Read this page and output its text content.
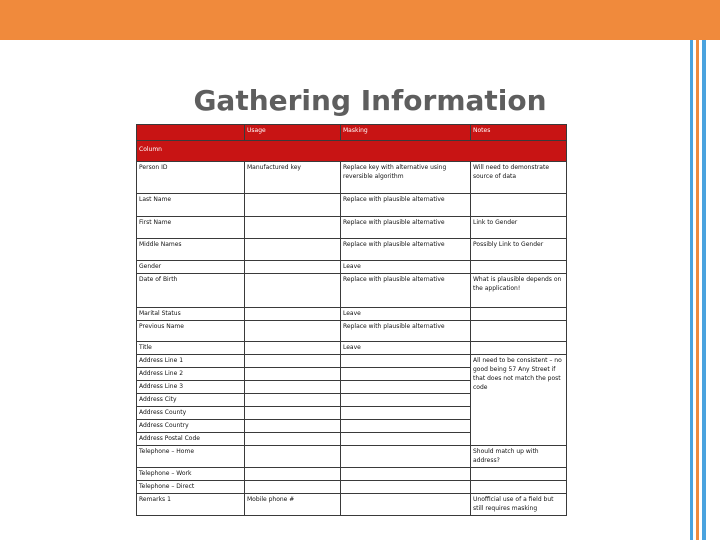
Gathering Information
	Usage	Masking	Notes
Column			
Person ID	Manufactured key	Replace key with alternative using reversible algorithm	Will need to demonstrate source of data
Last Name		Replace with plausible alternative	
First Name		Replace with plausible alternative	Link to Gender
Middle Names		Replace with plausible alternative	Possibly Link to Gender
Gender		Leave	
Date of Birth		Replace with plausible alternative	What is plausible depends on the application!
Marital Status		Leave	
Previous Name		Replace with plausible alternative	
Title		Leave	
Address Line 1			All need to be consistent – no good being 57 Any Street if that does not match the post code
Address Line 2			
Address Line 3			
Address City			
Address County			
Address Country			
Address Postal Code			
Telephone – Home			Should match up with address?
Telephone – Work			
Telephone – Direct			
Remarks 1	Mobile phone #		Unofficial use of a field but still requires masking
